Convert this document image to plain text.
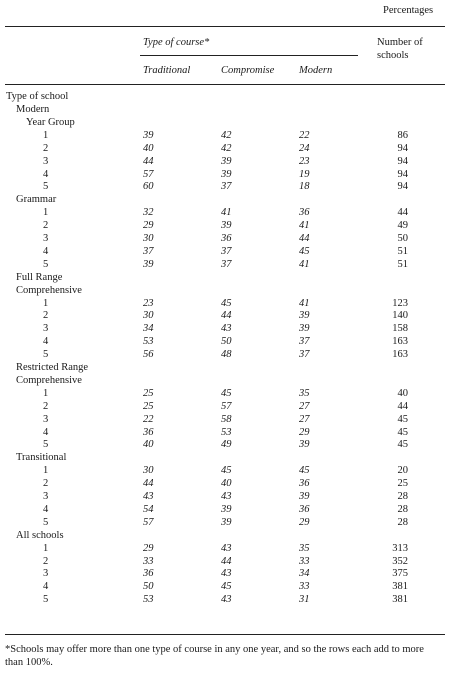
Percentages
Type of course*	Number of
schools
Traditional	Compromise Modern
Type of school
Modern
Year Group
1	39	42	22	86
2	40	42	24	94
3	44	39	23	94
4	57	39	19	94
5	60	37	18	94
Grammar
1	32	41	36	44
2	29	39	41	49
3	30	36	44	50
4	37	37	45	51
5	39	37	41	51
Full Range
Comprehensive
1	23	45	41	123
2	30	44	39	140
3	34	43	39	158
4	53	50	37	163
5	56	48	37	163
Restricted Range
Comprehensive
1	25	45	35	40
2	25	57	27	44
3	22	58	27	45
4	36	53	29	45
5	40	49	39	45
Transitional
1	30	45	45	20
2	44	40	36	25
3	43	43	39	28
4	54	39	36	28
5	57	39	29	28
All schools
1	29	43	35	313
2	33	44	33	352
3	36	43	34	375
4	50	45	33	381
5	53	43	31	381
*Schools may offer more than one type of course in any one year, and so the rows each add to more than 100%.
